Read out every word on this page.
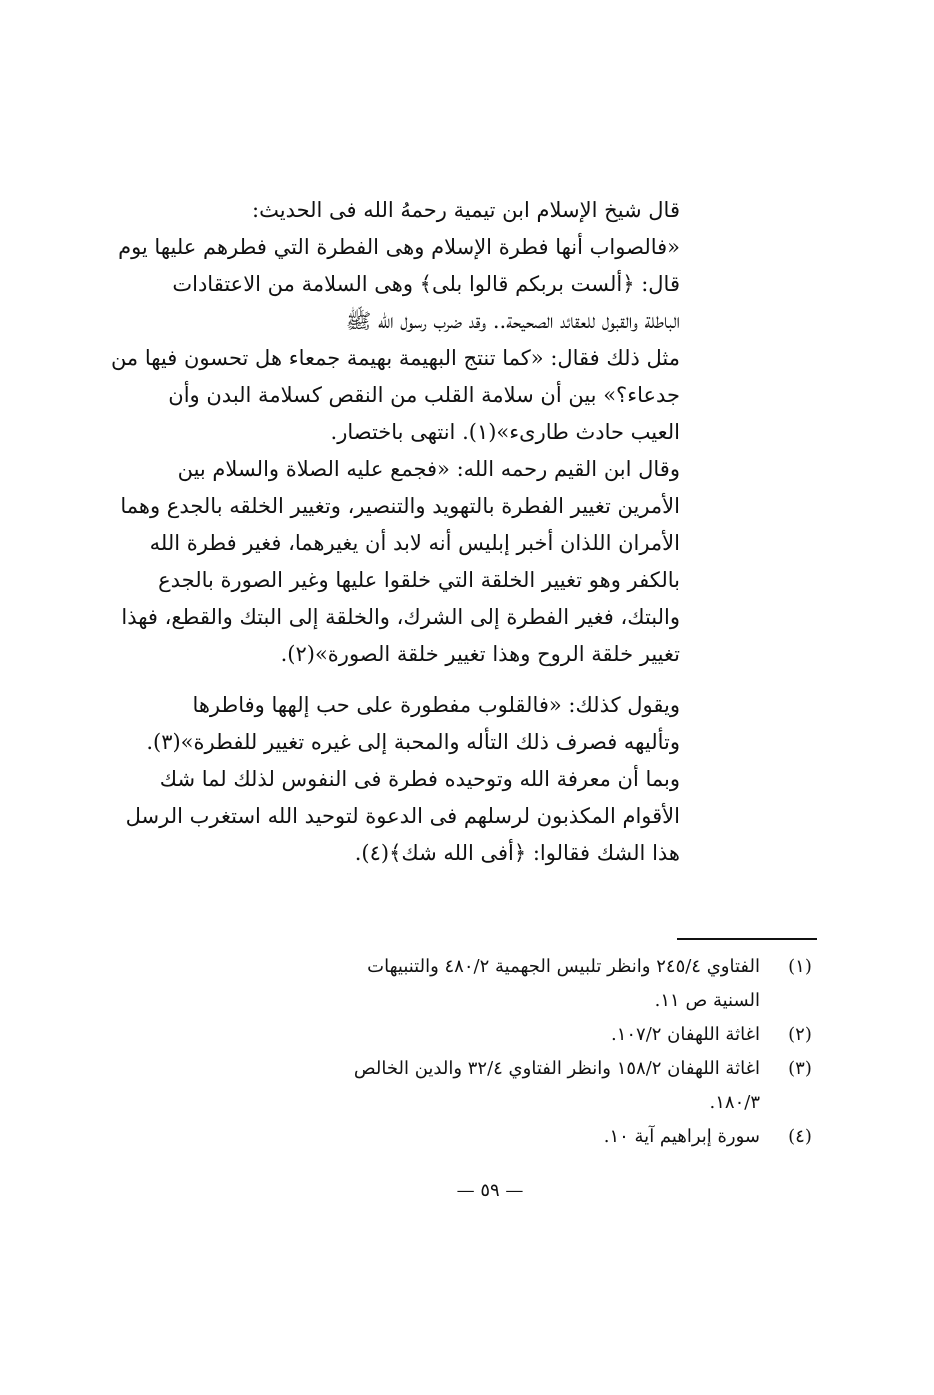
قال شيخ الإسلام ابن تيمية رحمهُ الله فى الحديث:
«فالصواب أنها فطرة الإسلام وهى الفطرة التي فطرهم عليها يوم
قال: ﴿ألست بربكم قالوا بلى﴾ وهى السلامة من الاعتقادات
الباطلة والقبول للعقائد الصحيحة.. وقد ضرب رسول الله ﷺ
مثل ذلك فقال: «كما تنتج البهيمة بهيمة جمعاء هل تحسون فيها من
جدعاء؟» بين أن سلامة القلب من النقص كسلامة البدن وأن
العيب حادث طارىء»(١). انتهى باختصار.
وقال ابن القيم رحمه الله: «فجمع عليه الصلاة والسلام بين
الأمرين تغيير الفطرة بالتهويد والتنصير، وتغيير الخلقه بالجدع وهما
الأمران اللذان أخبر إبليس أنه لابد أن يغيرهما، فغير فطرة الله
بالكفر وهو تغيير الخلقة التي خلقوا عليها وغير الصورة بالجدع
والبتك، فغير الفطرة إلى الشرك، والخلقة إلى البتك والقطع، فهذا
تغيير خلقة الروح وهذا تغيير خلقة الصورة»(٢).
ويقول كذلك: «فالقلوب مفطورة على حب إلهها وفاطرها
وتأليهه فصرف ذلك التأله والمحبة إلى غيره تغيير للفطرة»(٣).
وبما أن معرفة الله وتوحيده فطرة فى النفوس لذلك لما شك
الأقوام المكذبون لرسلهم فى الدعوة لتوحيد الله استغرب الرسل
هذا الشك فقالوا: ﴿أفى الله شك﴾(٤).
(١)
الفتاوي ٢٤٥/٤ وانظر تلبيس الجهمية ٤٨٠/٢ والتنبيهات
السنية ص ١١.
(٢)
اغاثة اللهفان ١٠٧/٢.
(٣)
اغاثة اللهفان ١٥٨/٢ وانظر الفتاوي ٣٢/٤ والدين الخالص
١٨٠/٣.
(٤)
سورة إبراهيم آية ١٠.
— ٥٩ —
